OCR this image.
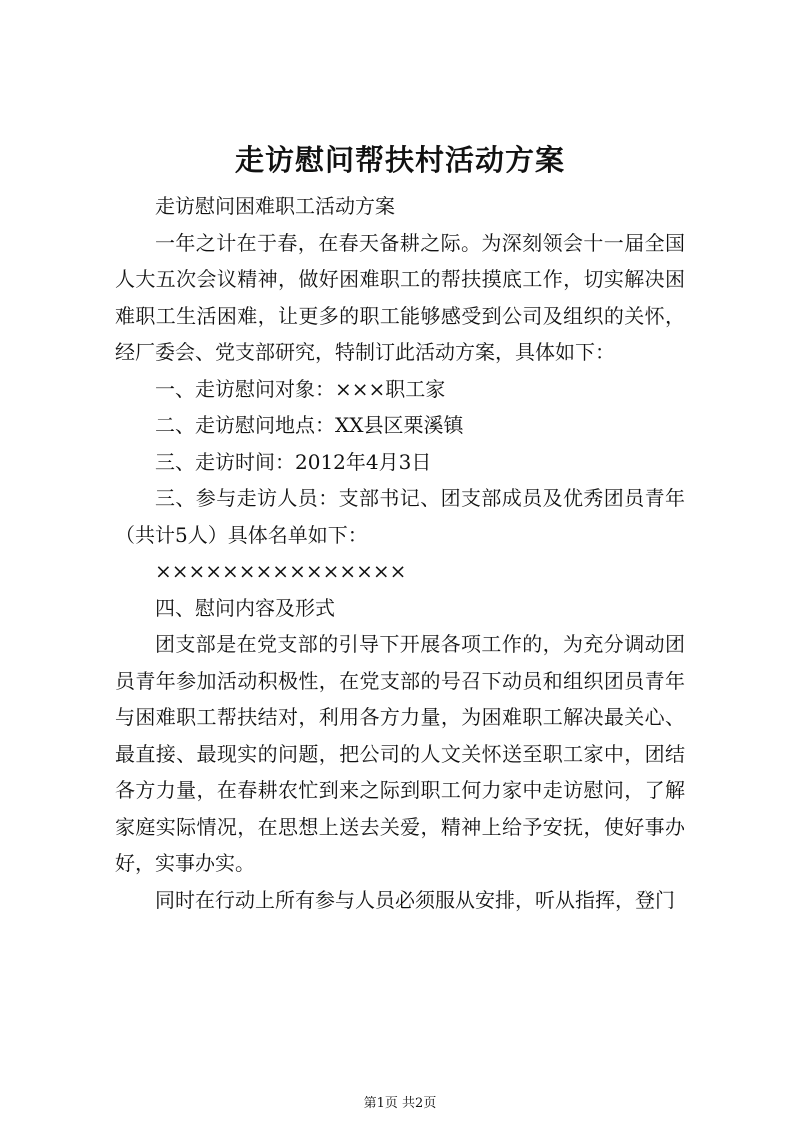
走访慰问帮扶村活动方案

走访慰问困难职工活动方案

一年之计在于春，在春天备耕之际。为深刻领会十一届全国人大五次会议精神，做好困难职工的帮扶摸底工作，切实解决困难职工生活困难，让更多的职工能够感受到公司及组织的关怀，经厂委会、党支部研究，特制订此活动方案，具体如下：

一、走访慰问对象：×××职工家

二、走访慰问地点：XX县区栗溪镇

三、走访时间：2012年4月3日

三、参与走访人员：支部书记、团支部成员及优秀团员青年（共计5人）具体名单如下：

×××××××××××××××

四、慰问内容及形式

团支部是在党支部的引导下开展各项工作的，为充分调动团员青年参加活动积极性，在党支部的号召下动员和组织团员青年与困难职工帮扶结对，利用各方力量，为困难职工解决最关心、最直接、最现实的问题，把公司的人文关怀送至职工家中，团结各方力量，在春耕农忙到来之际到职工何力家中走访慰问，了解家庭实际情况，在思想上送去关爱，精神上给予安抚，使好事办好，实事办实。

同时在行动上所有参与人员必须服从安排，听从指挥，登门

第1页 共2页
